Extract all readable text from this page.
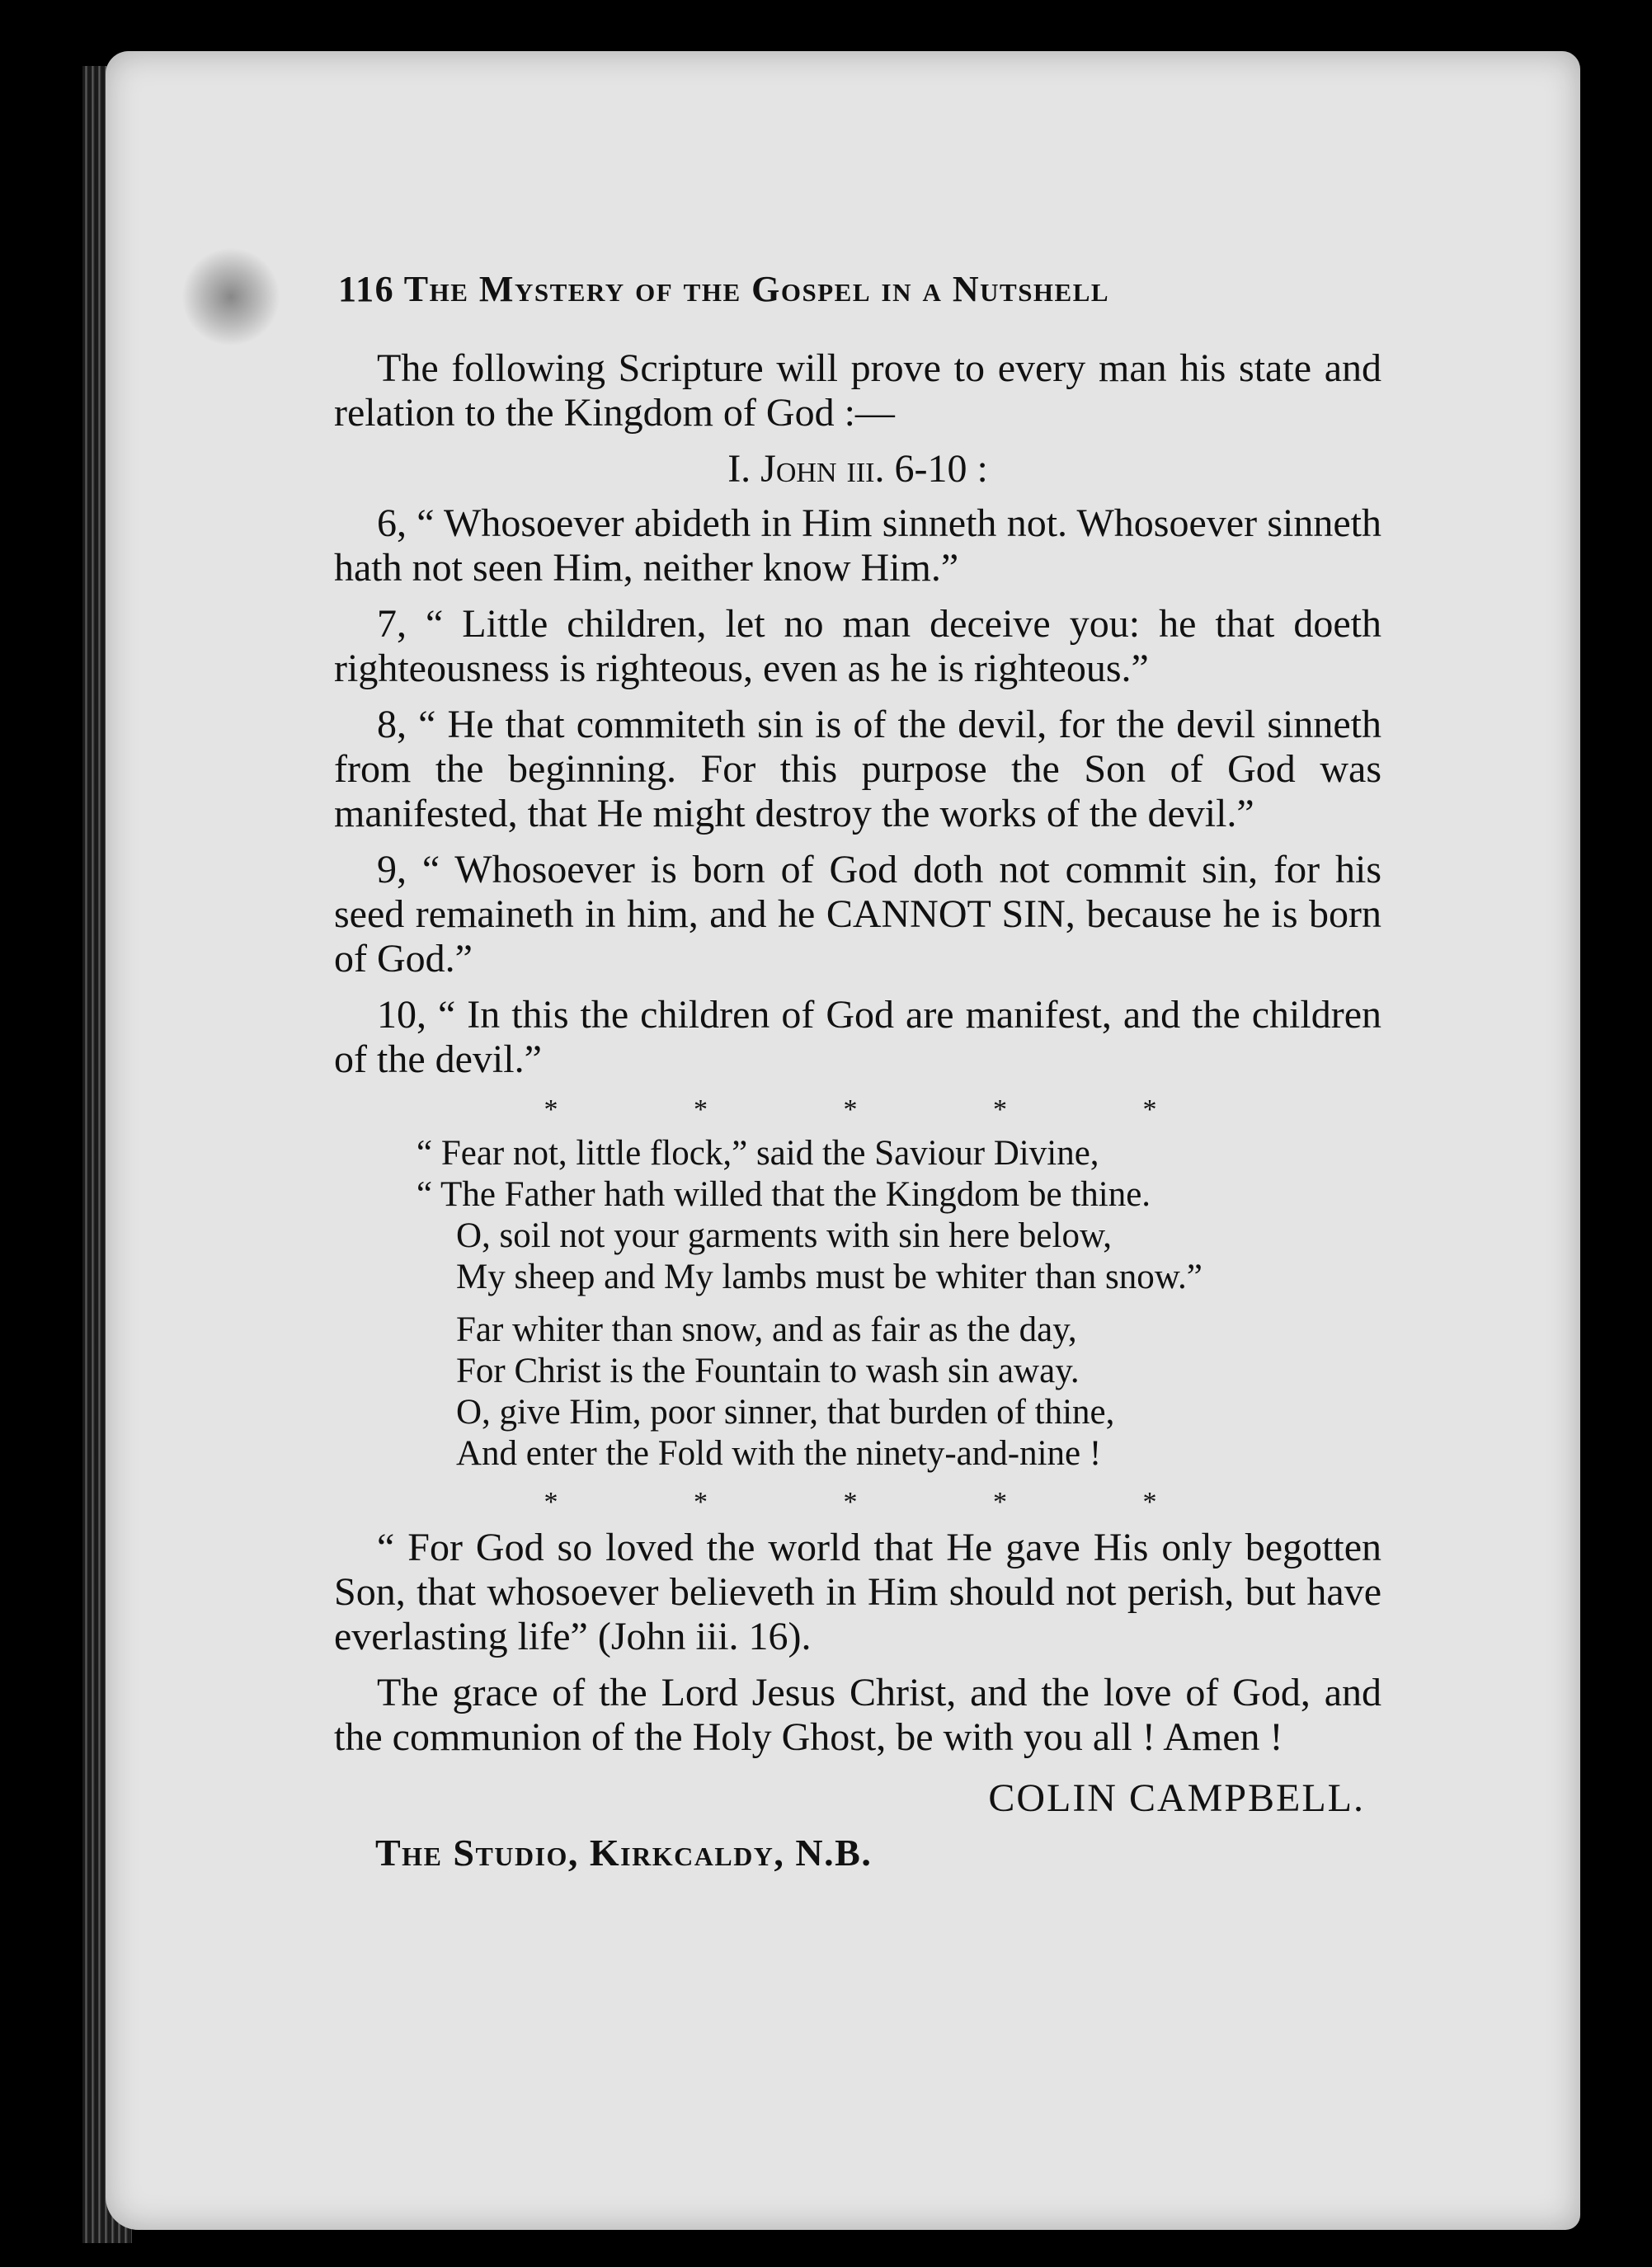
116 The Mystery of the Gospel in a Nutshell

The following Scripture will prove to every man his state and relation to the Kingdom of God :—

I. John iii. 6-10 :

6, “ Whosoever abideth in Him sinneth not. Whosoever sinneth hath not seen Him, neither know Him.”

7, “ Little children, let no man deceive you: he that doeth righteousness is righteous, even as he is righteous.”

8, “ He that commiteth sin is of the devil, for the devil sinneth from the beginning. For this purpose the Son of God was manifested, that He might destroy the works of the devil.”

9, “ Whosoever is born of God doth not commit sin, for his seed remaineth in him, and he CANNOT SIN, because he is born of God.”

10, “ In this the children of God are manifest, and the children of the devil.”

* * * * *
“ Fear not, little flock,” said the Saviour Divine,
“ The Father hath willed that the Kingdom be thine.
O, soil not your garments with sin here below,
My sheep and My lambs must be whiter than snow.”
Far whiter than snow, and as fair as the day,
For Christ is the Fountain to wash sin away.
O, give Him, poor sinner, that burden of thine,
And enter the Fold with the ninety-and-nine !
* * * * *

“ For God so loved the world that He gave His only begotten Son, that whosoever believeth in Him should not perish, but have everlasting life” (John iii. 16).

The grace of the Lord Jesus Christ, and the love of God, and the communion of the Holy Ghost, be with you all ! Amen !

COLIN CAMPBELL.
The Studio, Kirkcaldy, N.B.
